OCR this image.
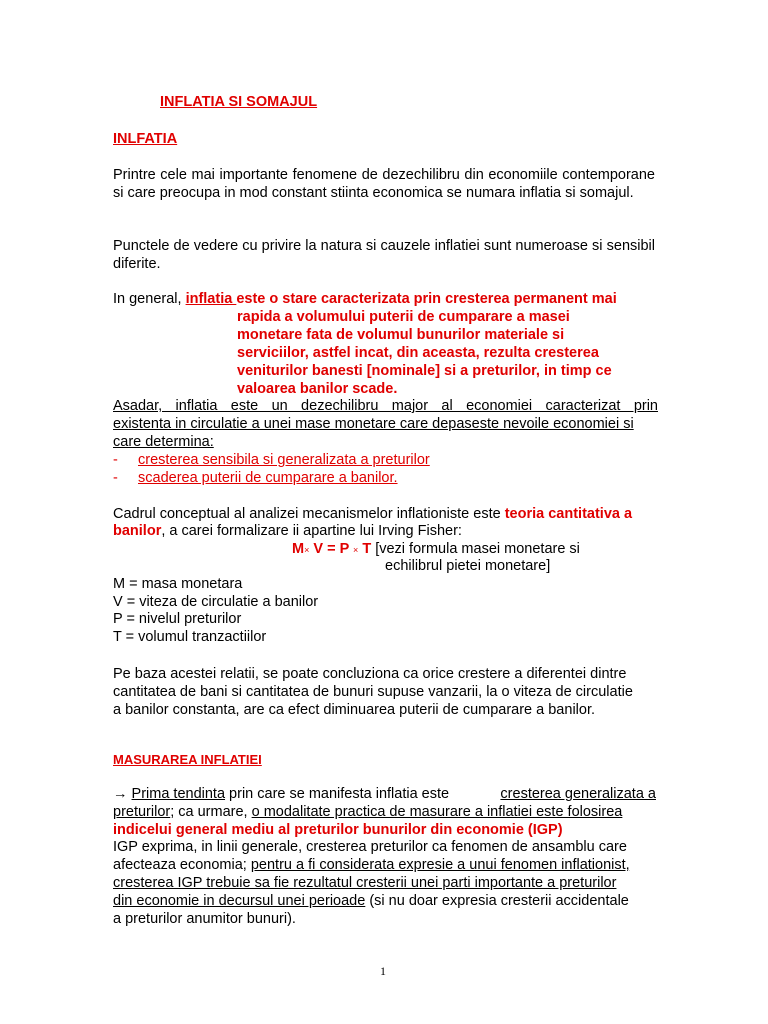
INFLATIA SI SOMAJUL
INLFATIA
Printre cele mai importante fenomene de dezechilibru din economiile contemporane si care preocupa in mod constant stiinta economica se numara inflatia si somajul.
Punctele de vedere cu privire la natura si cauzele inflatiei sunt numeroase si sensibil diferite.
In general, inflatia este o stare caracterizata prin cresterea permanent mai
rapida a volumului puterii de cumparare a masei
monetare fata de volumul bunurilor materiale si
serviciilor, astfel incat, din aceasta, rezulta cresterea
veniturilor banesti [nominale] si a preturilor, in timp ce
valoarea banilor scade.
Asadar, inflatia este un dezechilibru major al economiei caracterizat prin
existenta in circulatie a unei mase monetare care depaseste nevoile economiei si
care determina:
- cresterea sensibila si generalizata a preturilor
- scaderea puterii de cumparare a banilor.
Cadrul conceptual al analizei mecanismelor inflationiste este teoria cantitativa a
banilor, a carei formalizare ii apartine lui Irving Fisher:
M× V = P × T [vezi formula masei monetare si
echilibrul pietei monetare]
M = masa monetara
V = viteza de circulatie a banilor
P = nivelul preturilor
T = volumul tranzactiilor
Pe baza acestei relatii, se poate concluziona ca orice crestere a diferentei dintre
cantitatea de bani si cantitatea de bunuri supuse vanzarii, la o viteza de circulatie
a banilor constanta, are ca efect diminuarea puterii de cumparare a banilor.
MASURAREA INFLATIEI
→ Prima tendinta prin care se manifesta inflatia este	cresterea generalizata a
preturilor; ca urmare, o modalitate practica de masurare a inflatiei este folosirea
indicelui general mediu al preturilor bunurilor din economie (IGP)
IGP exprima, in linii generale, cresterea preturilor ca fenomen de ansamblu care
afecteaza economia; pentru a fi considerata expresie a unui fenomen inflationist,
cresterea IGP trebuie sa fie rezultatul cresterii unei parti importante a preturilor
din economie in decursul unei perioade (si nu doar expresia cresterii accidentale
a preturilor anumitor bunuri).
1
